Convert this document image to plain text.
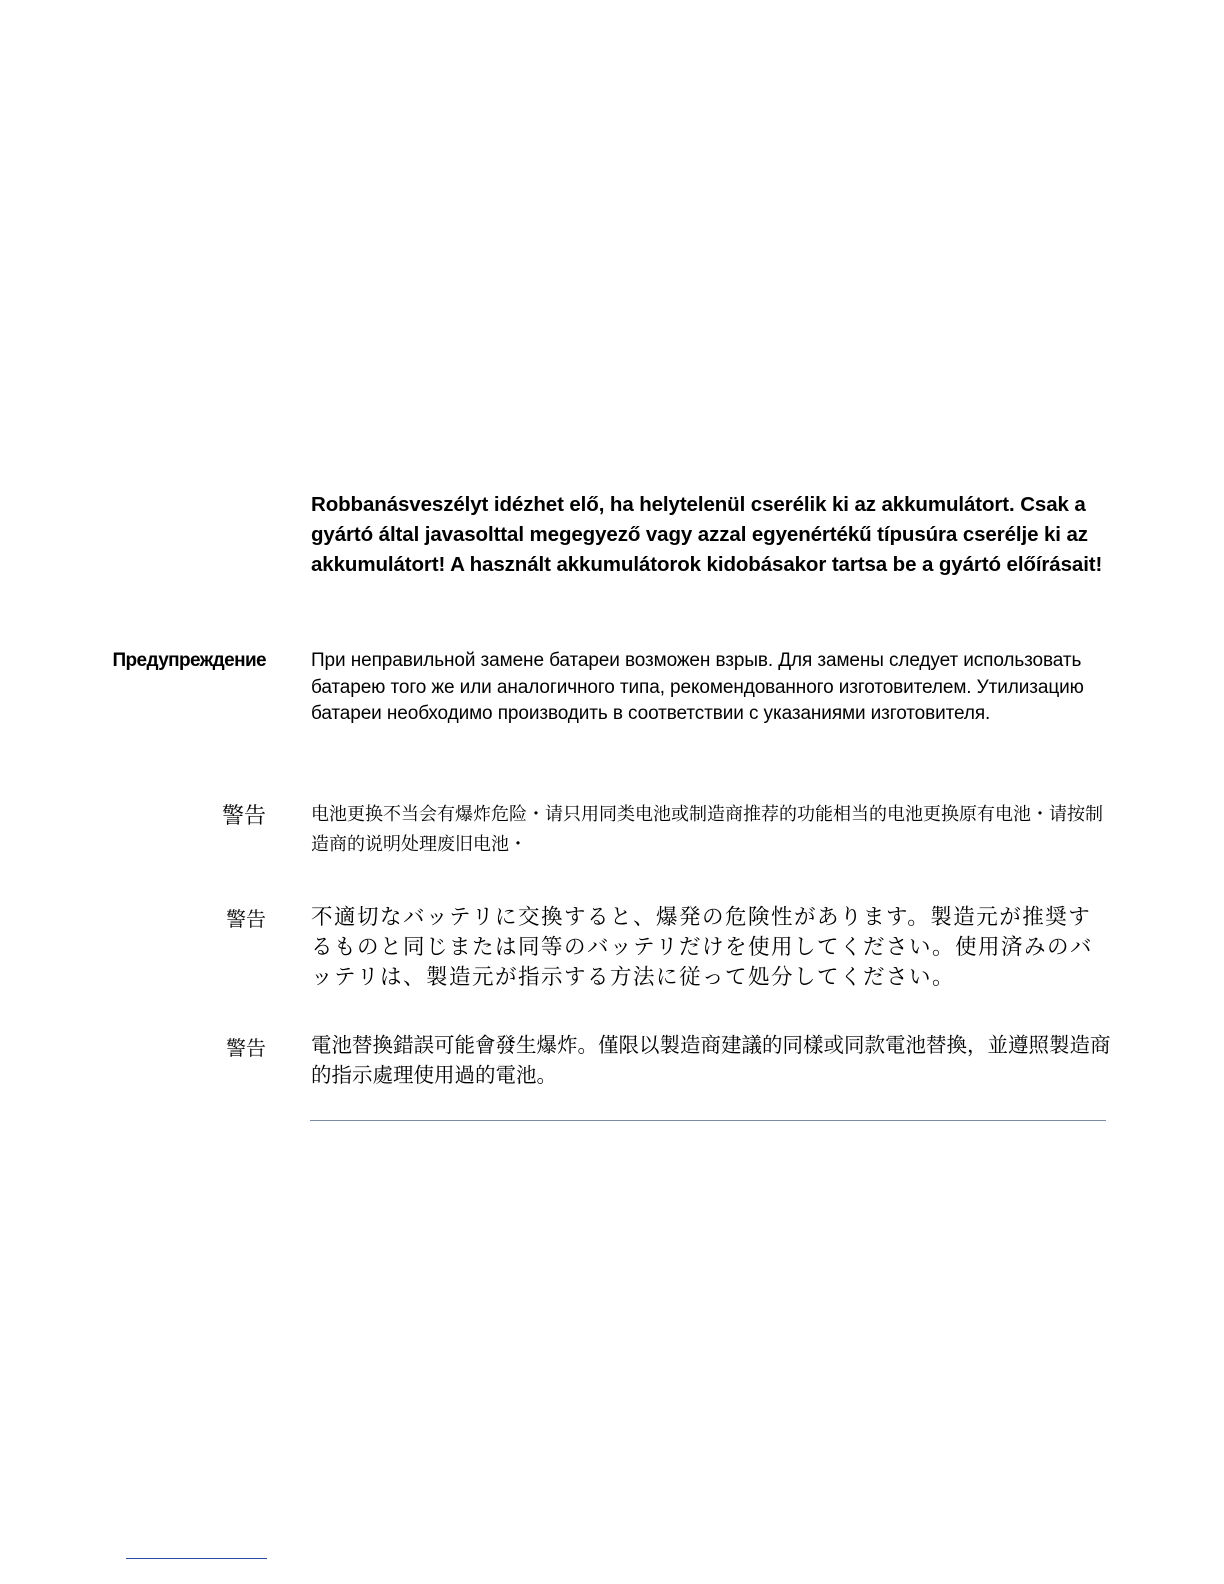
Robbanásveszélyt idézhet elő, ha helytelenül cserélik ki az akkumulátort. Csak a gyártó által javasolttal megegyező vagy azzal egyenértékű típusúra cserélje ki az akkumulátort! A használt akkumulátorok kidobásakor tartsa be a gyártó előírásait!

Предупреждение При неправильной замене батареи возможен взрыв. Для замены следует использовать батарею того же или аналогичного типа, рекомендованного изготовителем. Утилизацию батареи необходимо производить в соответствии с указаниями изготовителя.

警告	电池更换不当会有爆炸危险・请只用同类电池或制造商推荐的功能相当的电池更换原有电池・请按制造商的说明处理废旧电池・

警告 不適切なバッテリに交換すると、爆発の危険性があります。製造元が推奨するものと同じまたは同等のバッテリだけを使用してください。使用済みのバッテリは、製造元が指示する方法に従って処分してください。

警告 電池替換錯誤可能會發生爆炸。僅限以製造商建議的同樣或同款電池替換，並遵照製造商的指示處理使用過的電池。
